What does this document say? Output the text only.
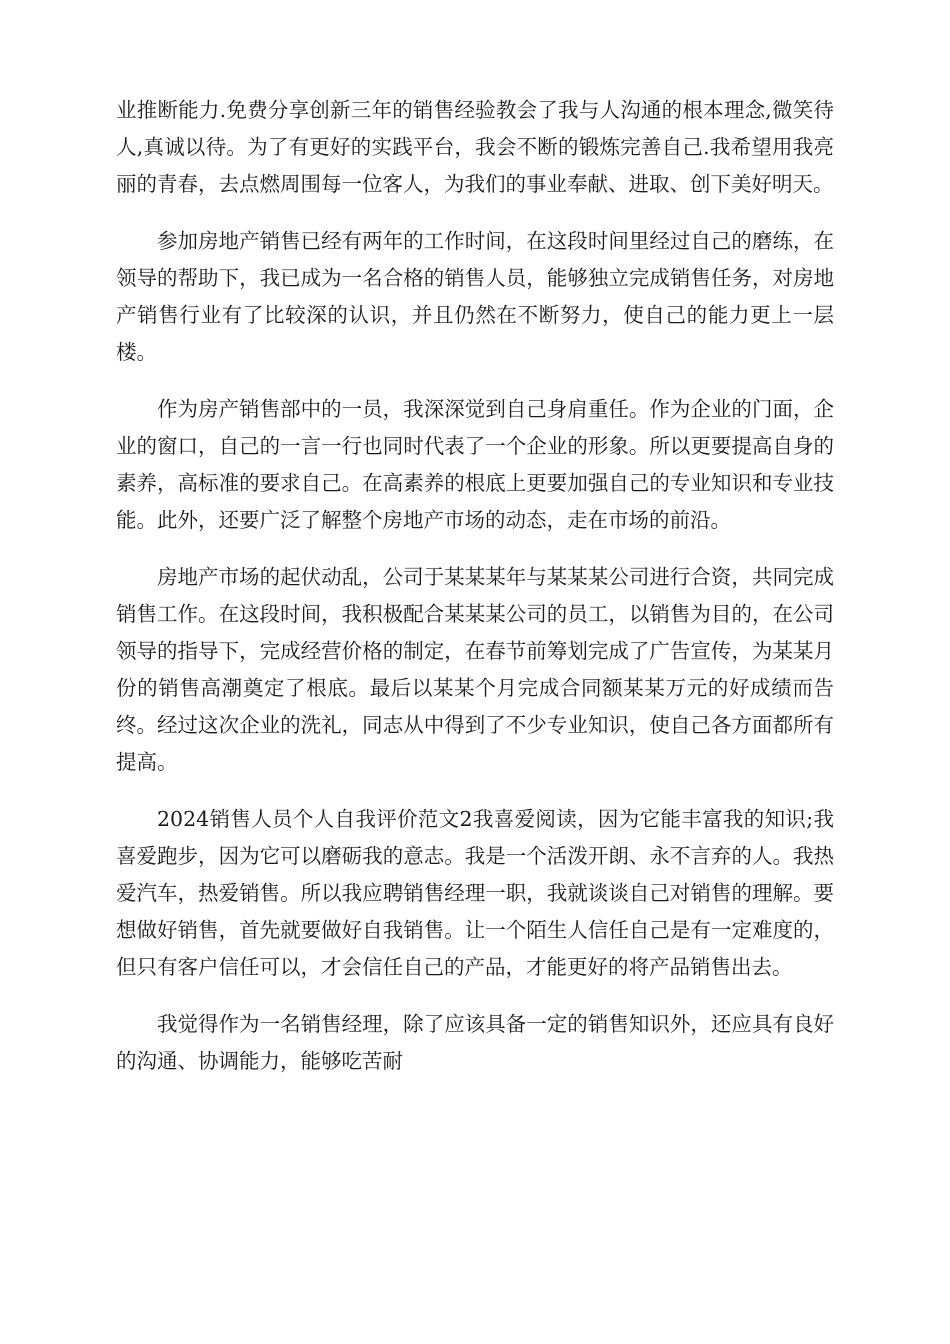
业推断能力.免费分享创新三年的销售经验教会了我与人沟通的根本理念,微笑待人,真诚以待。为了有更好的实践平台，我会不断的锻炼完善自己.我希望用我亮丽的青春，去点燃周围每一位客人，为我们的事业奉献、进取、创下美好明天。

参加房地产销售已经有两年的工作时间，在这段时间里经过自己的磨练，在领导的帮助下，我已成为一名合格的销售人员，能够独立完成销售任务，对房地产销售行业有了比较深的认识，并且仍然在不断努力，使自己的能力更上一层楼。

作为房产销售部中的一员，我深深觉到自己身肩重任。作为企业的门面，企业的窗口，自己的一言一行也同时代表了一个企业的形象。所以更要提高自身的素养，高标准的要求自己。在高素养的根底上更要加强自己的专业知识和专业技能。此外，还要广泛了解整个房地产市场的动态，走在市场的前沿。

房地产市场的起伏动乱，公司于某某某年与某某某公司进行合资，共同完成销售工作。在这段时间，我积极配合某某某公司的员工，以销售为目的，在公司领导的指导下，完成经营价格的制定，在春节前筹划完成了广告宣传，为某某月份的销售高潮奠定了根底。最后以某某个月完成合同额某某万元的好成绩而告终。经过这次企业的洗礼，同志从中得到了不少专业知识，使自己各方面都所有提高。

2024销售人员个人自我评价范文2我喜爱阅读，因为它能丰富我的知识;我喜爱跑步，因为它可以磨砺我的意志。我是一个活泼开朗、永不言弃的人。我热爱汽车，热爱销售。所以我应聘销售经理一职，我就谈谈自己对销售的理解。要想做好销售，首先就要做好自我销售。让一个陌生人信任自己是有一定难度的，但只有客户信任可以，才会信任自己的产品，才能更好的将产品销售出去。

我觉得作为一名销售经理，除了应该具备一定的销售知识外，还应具有良好的沟通、协调能力，能够吃苦耐
